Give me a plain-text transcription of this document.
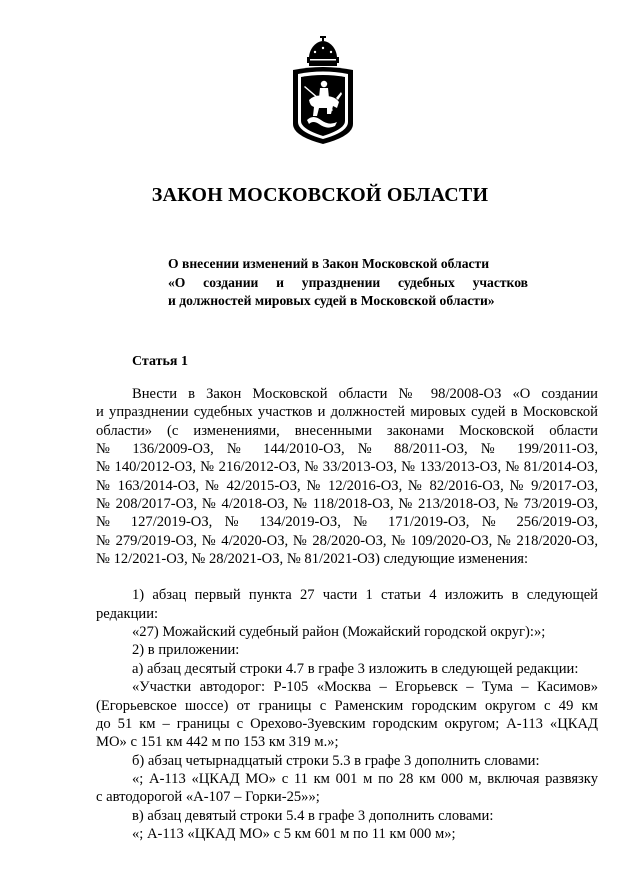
ЗАКОН МОСКОВСКОЙ ОБЛАСТИ
О внесении изменений в Закон Московской области
«О создании и упразднении судебных участков
и должностей мировых судей в Московской области»
Статья 1
Внести в Закон Московской области № 98/2008-ОЗ «О создании
и упразднении судебных участков и должностей мировых судей в Московской
области» (с изменениями, внесенными законами Московской области
№ 136/2009-ОЗ, № 144/2010-ОЗ, № 88/2011-ОЗ, № 199/2011-ОЗ,
№ 140/2012-ОЗ, № 216/2012-ОЗ, № 33/2013-ОЗ, № 133/2013-ОЗ, № 81/2014-ОЗ,
№ 163/2014-ОЗ, № 42/2015-ОЗ, № 12/2016-ОЗ, № 82/2016-ОЗ, № 9/2017-ОЗ,
№ 208/2017-ОЗ, № 4/2018-ОЗ, № 118/2018-ОЗ, № 213/2018-ОЗ, № 73/2019-ОЗ,
№ 127/2019-ОЗ, № 134/2019-ОЗ, № 171/2019-ОЗ, № 256/2019-ОЗ,
№ 279/2019-ОЗ, № 4/2020-ОЗ, № 28/2020-ОЗ, № 109/2020-ОЗ, № 218/2020-ОЗ,
№ 12/2021-ОЗ, № 28/2021-ОЗ, № 81/2021-ОЗ) следующие изменения:
1) абзац первый пункта 27 части 1 статьи 4 изложить в следующей
редакции:
«27) Можайский судебный район (Можайский городской округ):»;
2) в приложении:
а) абзац десятый строки 4.7 в графе 3 изложить в следующей редакции:
«Участки автодорог: Р-105 «Москва – Егорьевск – Тума – Касимов»
(Егорьевское шоссе) от границы с Раменским городским округом с 49 км
до 51 км – границы с Орехово-Зуевским городским округом; А-113 «ЦКАД
МО» с 151 км 442 м по 153 км 319 м.»;
б) абзац четырнадцатый строки 5.3 в графе 3 дополнить словами:
«; А-113 «ЦКАД МО» с 11 км 001 м по 28 км 000 м, включая развязку
с автодорогой «А-107 – Горки-25»»;
в) абзац девятый строки 5.4 в графе 3 дополнить словами:
«; А-113 «ЦКАД МО» с 5 км 601 м по 11 км 000 м»;
